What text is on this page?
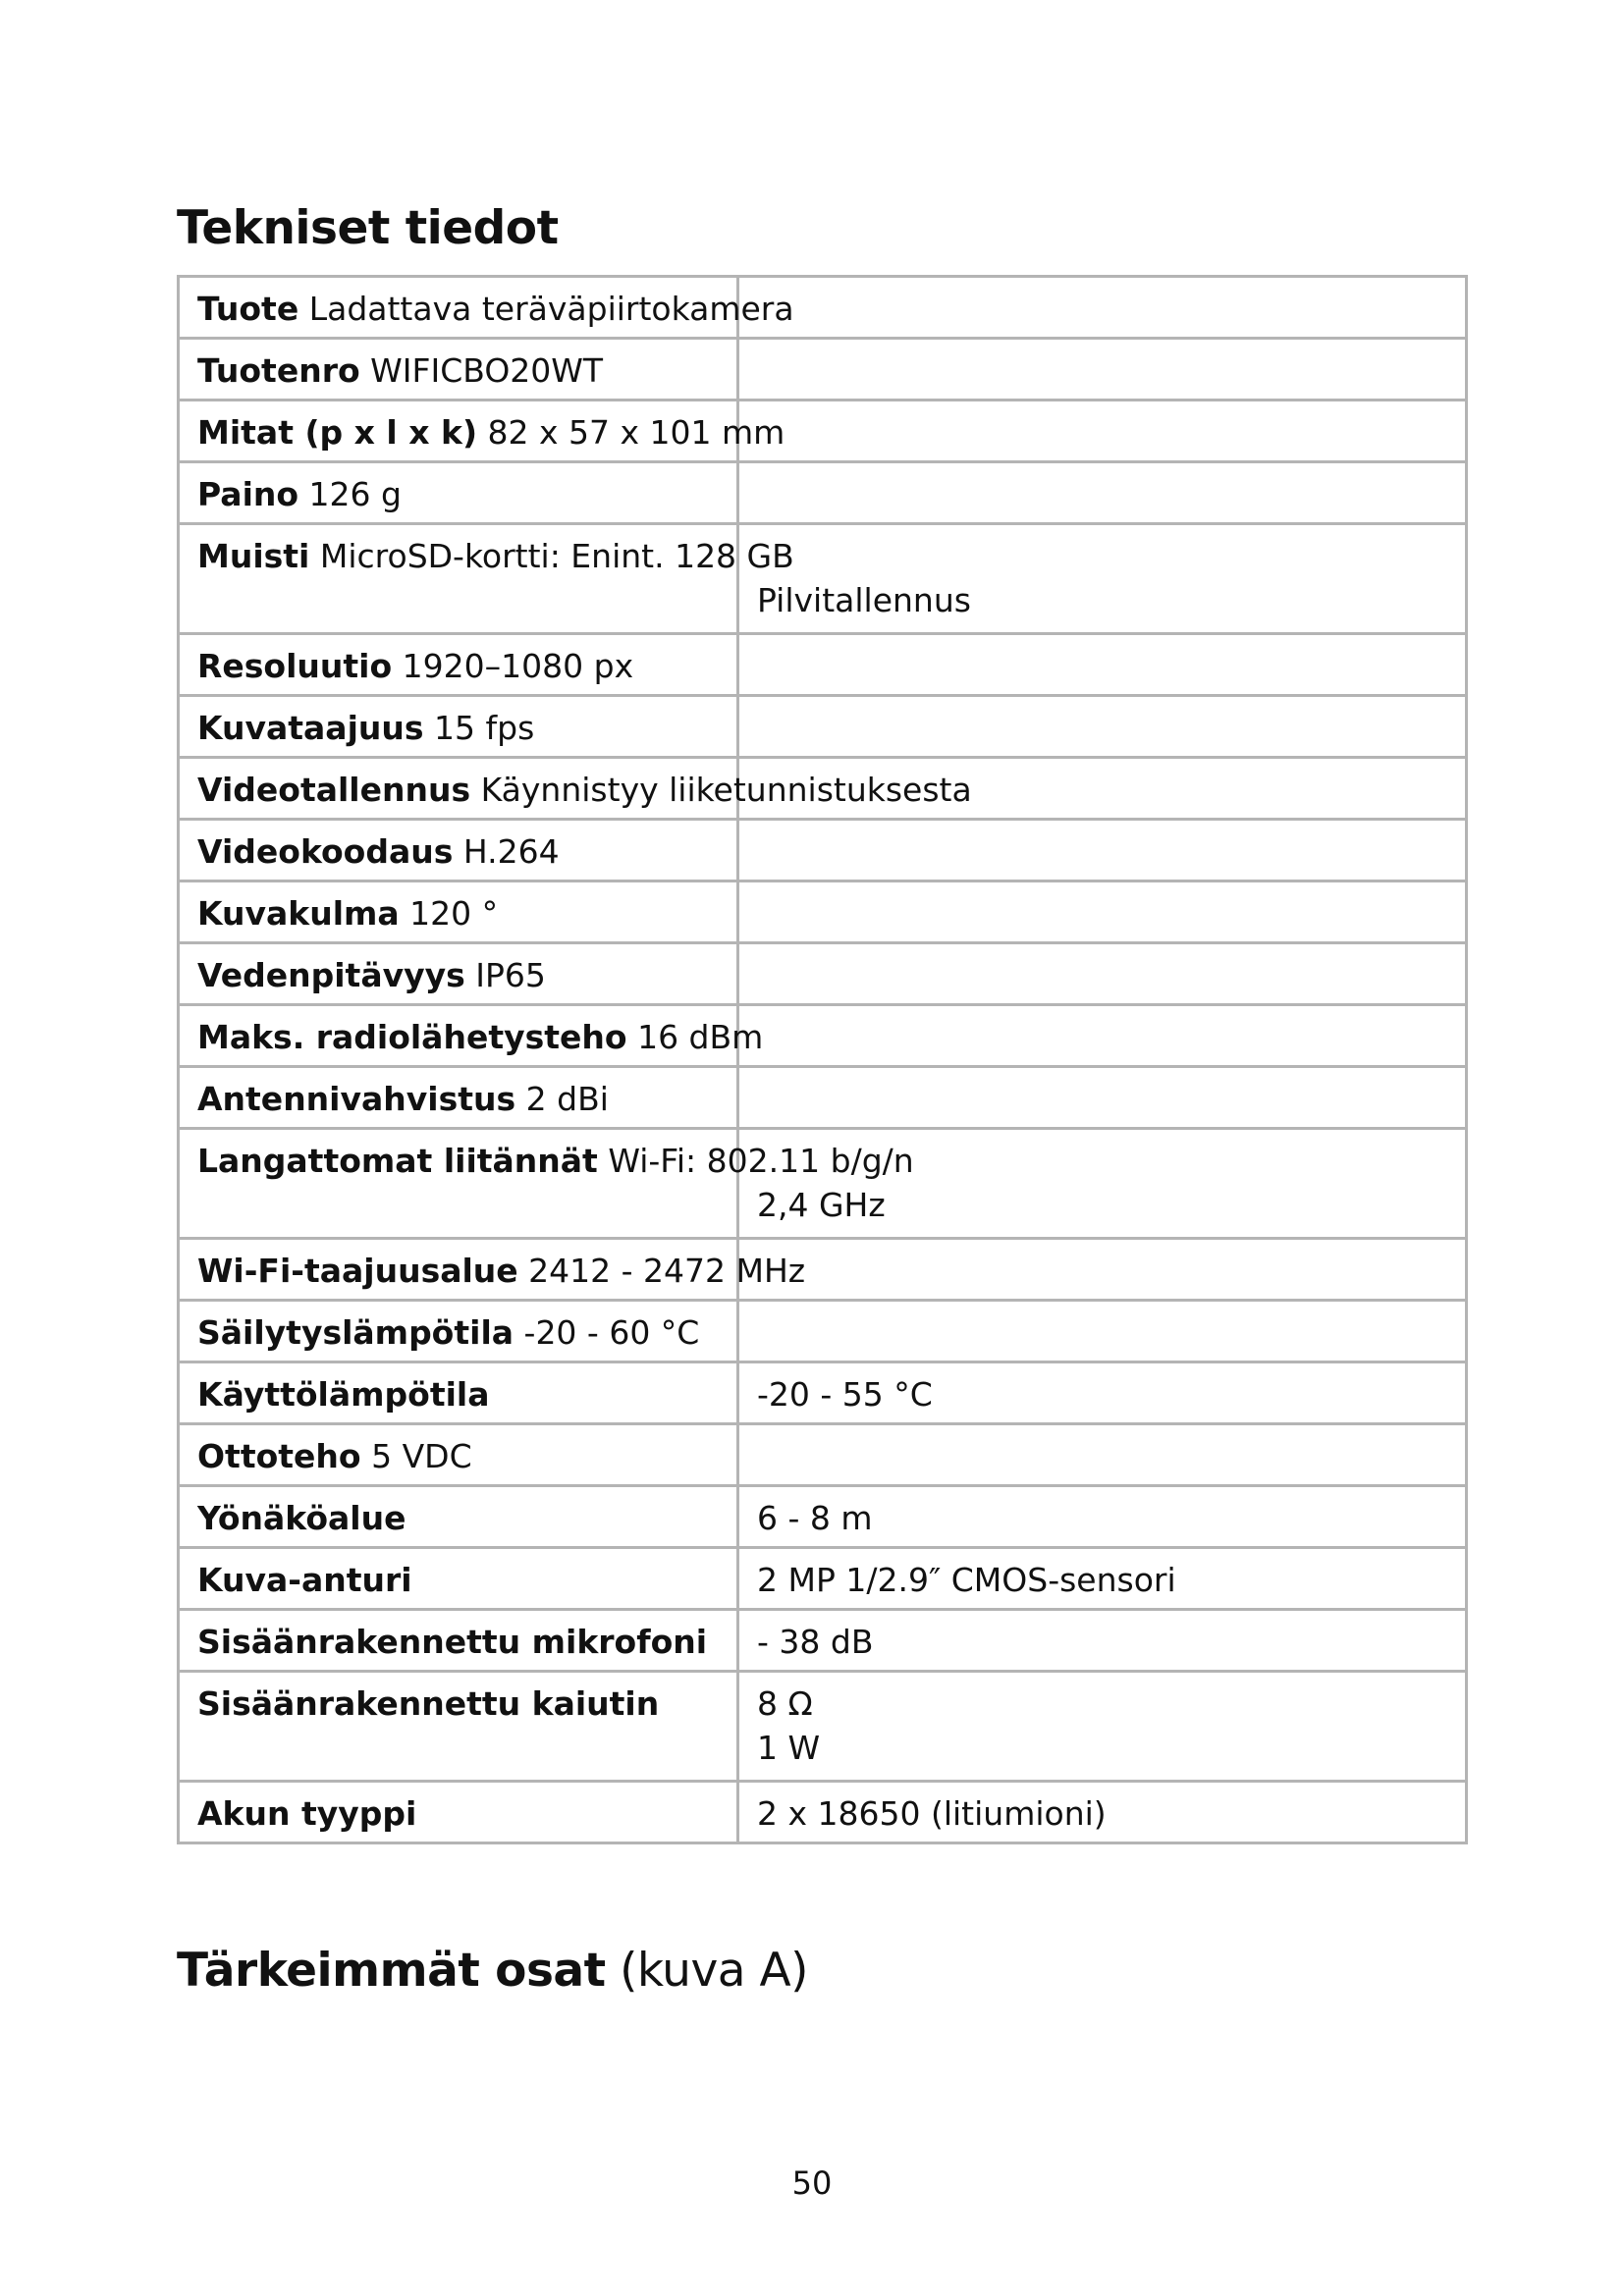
Tekniset tiedot
Tuote Ladattava teräväpiirtokamera	
Tuotenro WIFICBO20WT	
Mitat (p x l x k) 82 x 57 x 101 mm	
Paino 126 g	
Muisti MicroSD-kortti: Enint. 128 GB	Pilvitallennus

Resoluutio 1920–1080 px	
Kuvataajuus 15 fps	
Videotallennus Käynnistyy liiketunnistuksesta	
Videokoodaus H.264	
Kuvakulma 120 °	
Vedenpitävyys IP65	
Maks. radiolähetysteho 16 dBm	
Antennivahvistus 2 dBi	
Langattomat liitännät Wi-Fi: 802.11 b/g/n	2,4 GHz

Wi-Fi-taajuusalue 2412 - 2472 MHz	
Säilytyslämpötila -20 - 60 °C	
Käyttölämpötila	-20 - 55 °C
Ottoteho 5 VDC	
Yönäköalue	6 - 8 m
Kuva-anturi	2 MP 1/2.9″ CMOS-sensori
Sisäänrakennettu mikrofoni	- 38 dB
Sisäänrakennettu kaiutin	8 Ω
1 W

Akun tyyppi	2 x 18650 (litiumioni)
Tärkeimmät osat (kuva A)
50
